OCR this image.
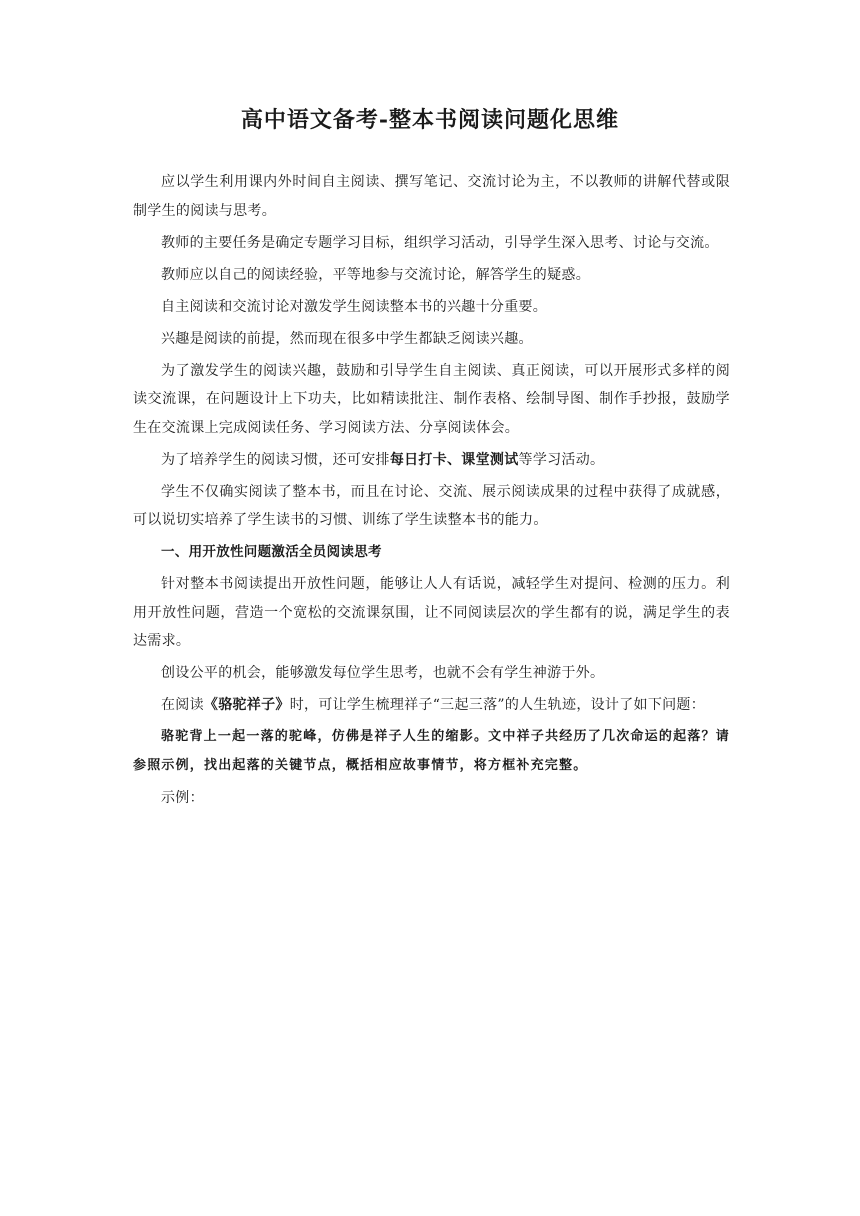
高中语文备考-整本书阅读问题化思维

应以学生利用课内外时间自主阅读、撰写笔记、交流讨论为主，不以教师的讲解代替或限制学生的阅读与思考。

教师的主要任务是确定专题学习目标，组织学习活动，引导学生深入思考、讨论与交流。

教师应以自己的阅读经验，平等地参与交流讨论，解答学生的疑惑。

自主阅读和交流讨论对激发学生阅读整本书的兴趣十分重要。

兴趣是阅读的前提，然而现在很多中学生都缺乏阅读兴趣。

为了激发学生的阅读兴趣，鼓励和引导学生自主阅读、真正阅读，可以开展形式多样的阅读交流课，在问题设计上下功夫，比如精读批注、制作表格、绘制导图、制作手抄报，鼓励学生在交流课上完成阅读任务、学习阅读方法、分享阅读体会。

为了培养学生的阅读习惯，还可安排每日打卡、课堂测试等学习活动。

学生不仅确实阅读了整本书，而且在讨论、交流、展示阅读成果的过程中获得了成就感，可以说切实培养了学生读书的习惯、训练了学生读整本书的能力。

一、用开放性问题激活全员阅读思考

针对整本书阅读提出开放性问题，能够让人人有话说，减轻学生对提问、检测的压力。利用开放性问题，营造一个宽松的交流课氛围，让不同阅读层次的学生都有的说，满足学生的表达需求。

创设公平的机会，能够激发每位学生思考，也就不会有学生神游于外。

在阅读《骆驼祥子》时，可让学生梳理祥子“三起三落”的人生轨迹，设计了如下问题：

骆驼背上一起一落的驼峰，仿佛是祥子人生的缩影。文中祥子共经历了几次命运的起落？请参照示例，找出起落的关键节点，概括相应故事情节，将方框补充完整。

示例：
